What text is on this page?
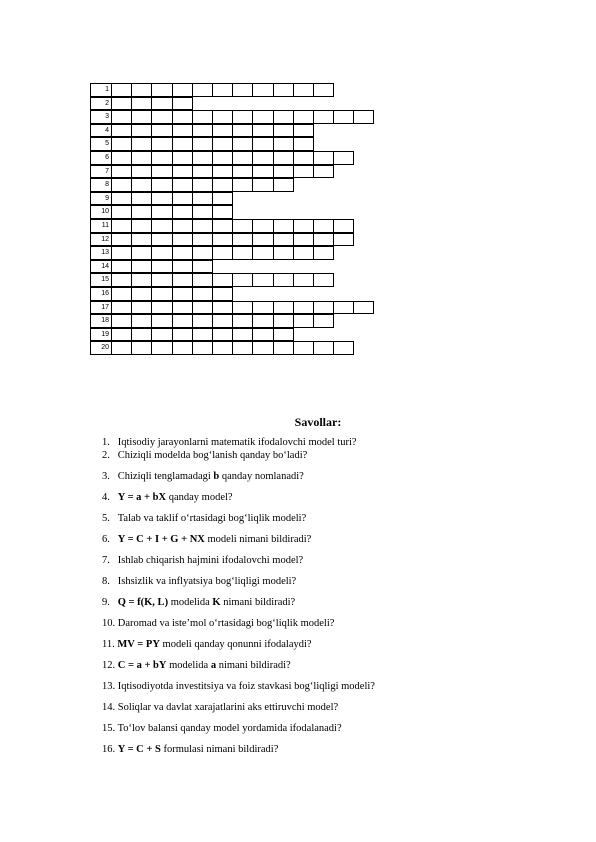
1
2
3
4
5
6
7
8
9
10
11
12
13
14
15
16
17
18
19
20
Savollar:
1. Iqtisodiy jarayonlarni matematik ifodalovchi model turi?
2. Chiziqli modelda bog‘lanish qanday bo‘ladi?
3. Chiziqli tenglamadagi b qanday nomlanadi?
4. Y = a + bX qanday model?
5. Talab va taklif o‘rtasidagi bog‘liqlik modeli?
6. Y = C + I + G + NX modeli nimani bildiradi?
7. Ishlab chiqarish hajmini ifodalovchi model?
8. Ishsizlik va inflyatsiya bog‘liqligi modeli?
9. Q = f(K, L) modelida K nimani bildiradi?
10. Daromad va iste’mol o‘rtasidagi bog‘liqlik modeli?
11. MV = PY modeli qanday qonunni ifodalaydi?
12. C = a + bY modelida a nimani bildiradi?
13. Iqtisodiyotda investitsiya va foiz stavkasi bog‘liqligi modeli?
14. Soliqlar va davlat xarajatlarini aks ettiruvchi model?
15. To‘lov balansi qanday model yordamida ifodalanadi?
16. Y = C + S formulasi nimani bildiradi?
